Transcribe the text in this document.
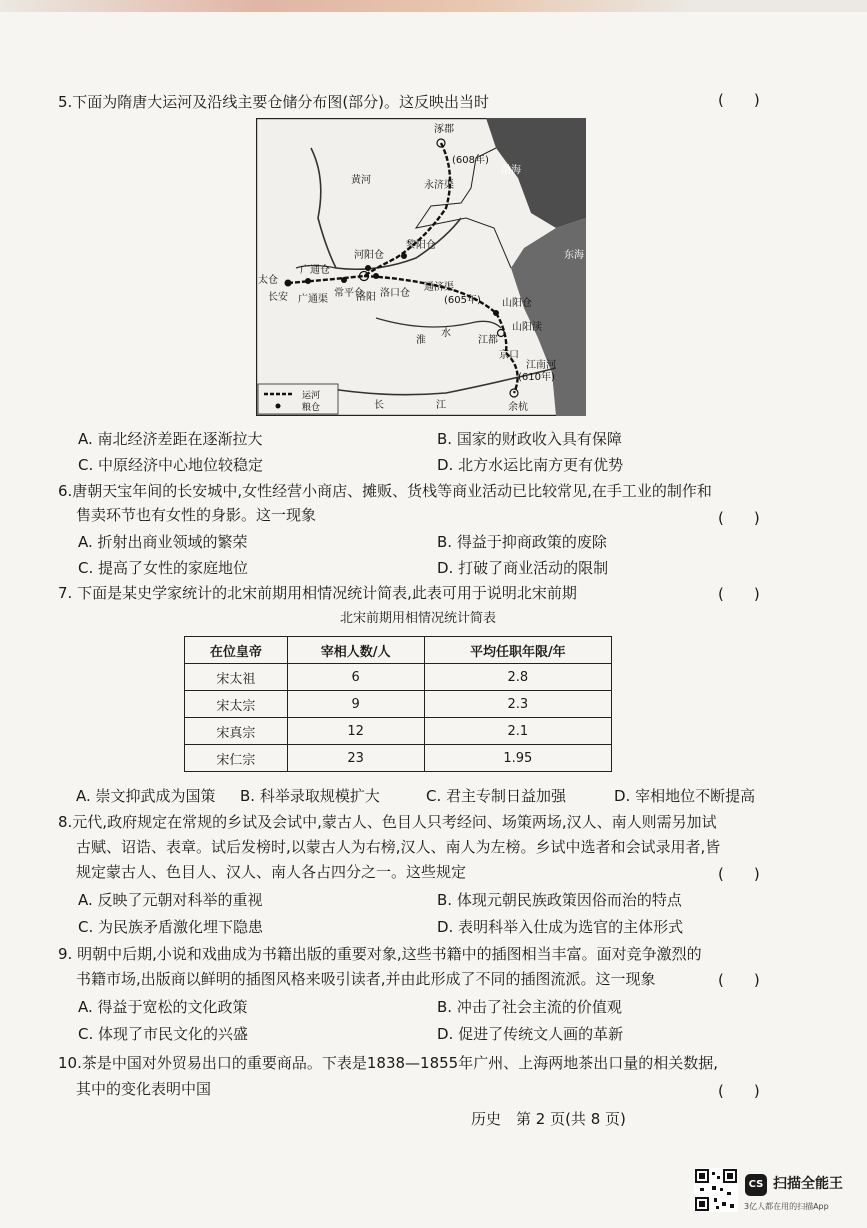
5.下面为隋唐大运河及沿线主要仓储分布图(部分)。这反映出当时	(　　)
涿郡
渤海
东海
黄河	永济渠
通济渠
广通渠
太仓
长安
广通仓
常平仓
洛阳
河阳仓
洛口仓
黎阳仓
山阳仓
江都
京口
余杭
(605年)
(608年)
(610年)
山阳渎
江南河
淮
水
长	江
运河
粮仓
A. 南北经济差距在逐渐拉大	B. 国家的财政收入具有保障
C. 中原经济中心地位较稳定	D. 北方水运比南方更有优势
6.唐朝天宝年间的长安城中,女性经营小商店、摊贩、货栈等商业活动已比较常见,在手工业的制作和
售卖环节也有女性的身影。这一现象	(　　)
A. 折射出商业领域的繁荣	B. 得益于抑商政策的废除
C. 提高了女性的家庭地位	D. 打破了商业活动的限制
7. 下面是某史学家统计的北宋前期用相情况统计简表,此表可用于说明北宋前期	(　　)
北宋前期用相情况统计简表
在位皇帝	宰相人数/人	平均任职年限/年
宋太祖	6	2.8
宋太宗	9	2.3
宋真宗	12	2.1
宋仁宗	23	1.95
A. 崇文抑武成为国策 B. 科举录取规模扩大	C. 君主专制日益加强	D. 宰相地位不断提高
8.元代,政府规定在常规的乡试及会试中,蒙古人、色目人只考经问、场策两场,汉人、南人则需另加试
古赋、诏诰、表章。试后发榜时,以蒙古人为右榜,汉人、南人为左榜。乡试中选者和会试录用者,皆
规定蒙古人、色目人、汉人、南人各占四分之一。这些规定	(　　)
A. 反映了元朝对科举的重视	B. 体现元朝民族政策因俗而治的特点
C. 为民族矛盾激化埋下隐患	D. 表明科举入仕成为选官的主体形式
9. 明朝中后期,小说和戏曲成为书籍出版的重要对象,这些书籍中的插图相当丰富。面对竞争激烈的
书籍市场,出版商以鲜明的插图风格来吸引读者,并由此形成了不同的插图流派。这一现象	(　　)
A. 得益于宽松的文化政策	B. 冲击了社会主流的价值观
C. 体现了市民文化的兴盛	D. 促进了传统文人画的革新
10.茶是中国对外贸易出口的重要商品。下表是1838—1855年广州、上海两地茶出口量的相关数据,
其中的变化表明中国	(　　)
历史　第 2 页(共 8 页)
CS 扫描全能王
3亿人都在用的扫描App
